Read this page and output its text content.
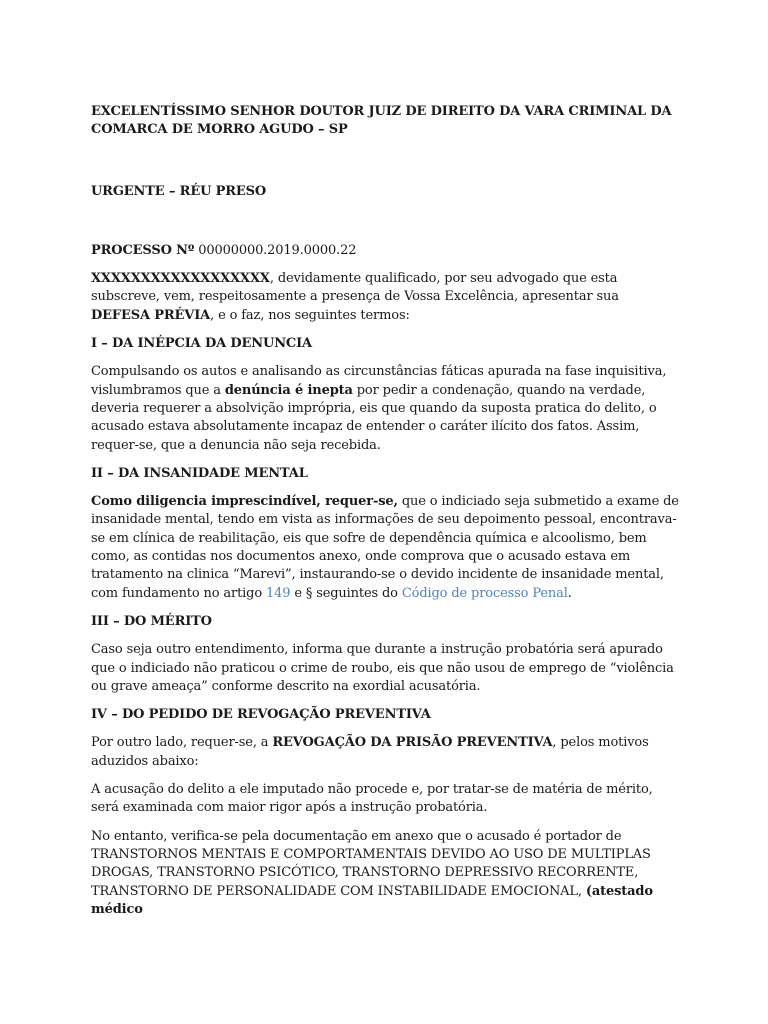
EXCELENTÍSSIMO SENHOR DOUTOR JUIZ DE DIREITO DA VARA CRIMINAL DA COMARCA DE MORRO AGUDO – SP

URGENTE – RÉU PRESO

PROCESSO Nº 00000000.2019.0000.22

XXXXXXXXXXXXXXXXXX, devidamente qualificado, por seu advogado que esta subscreve, vem, respeitosamente a presença de Vossa Excelência, apresentar sua DEFESA PRÉVIA, e o faz, nos seguintes termos:

I – DA INÉPCIA DA DENUNCIA

Compulsando os autos e analisando as circunstâncias fáticas apurada na fase inquisitiva, vislumbramos que a denúncia é inepta por pedir a condenação, quando na verdade, deveria requerer a absolvição imprópria, eis que quando da suposta pratica do delito, o acusado estava absolutamente incapaz de entender o caráter ilícito dos fatos. Assim, requer-se, que a denuncia não seja recebida.

II – DA INSANIDADE MENTAL

Como diligencia imprescindível, requer-se, que o indiciado seja submetido a exame de insanidade mental, tendo em vista as informações de seu depoimento pessoal, encontrava-se em clínica de reabilitação, eis que sofre de dependência química e alcoolismo, bem como, as contidas nos documentos anexo, onde comprova que o acusado estava em tratamento na clinica “Marevi”, instaurando-se o devido incidente de insanidade mental, com fundamento no artigo 149 e § seguintes do Código de processo Penal.

III – DO MÉRITO

Caso seja outro entendimento, informa que durante a instrução probatória será apurado que o indiciado não praticou o crime de roubo, eis que não usou de emprego de “violência ou grave ameaça” conforme descrito na exordial acusatória.

IV – DO PEDIDO DE REVOGAÇÃO PREVENTIVA

Por outro lado, requer-se, a REVOGAÇÃO DA PRISÃO PREVENTIVA, pelos motivos aduzidos abaixo:

A acusação do delito a ele imputado não procede e, por tratar-se de matéria de mérito, será examinada com maior rigor após a instrução probatória.

No entanto, verifica-se pela documentação em anexo que o acusado é portador de TRANSTORNOS MENTAIS E COMPORTAMENTAIS DEVIDO AO USO DE MULTIPLAS DROGAS, TRANSTORNO PSICÓTICO, TRANSTORNO DEPRESSIVO RECORRENTE, TRANSTORNO DE PERSONALIDADE COM INSTABILIDADE EMOCIONAL, (atestado médico
